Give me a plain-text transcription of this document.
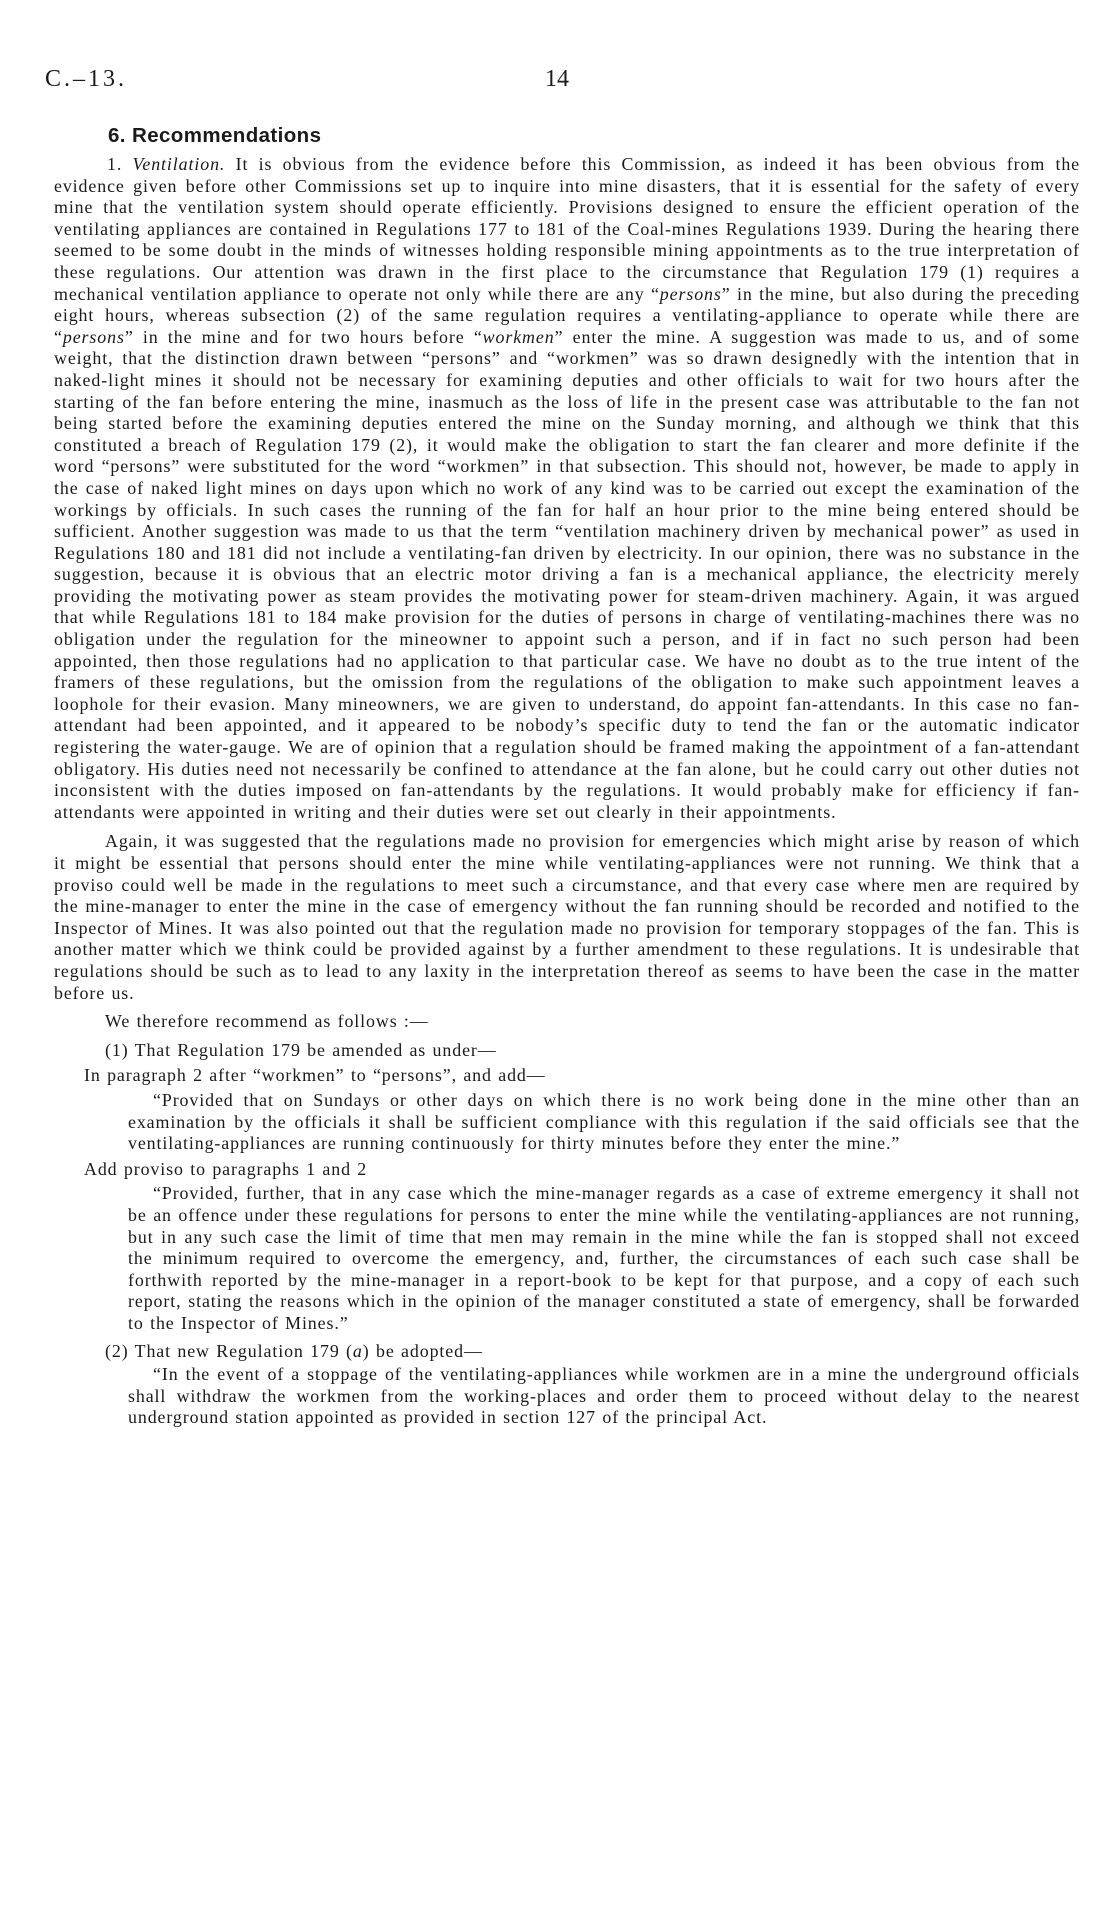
C.–13.	14
6. Recommendations

1. Ventilation. It is obvious from the evidence before this Commission, as indeed it has been obvious from the evidence given before other Commissions set up to inquire into mine disasters, that it is essential for the safety of every mine that the ventilation system should operate efficiently. Provisions designed to ensure the efficient operation of the ventilating appliances are contained in Regulations 177 to 181 of the Coal-mines Regulations 1939. During the hearing there seemed to be some doubt in the minds of witnesses holding responsible mining appointments as to the true interpretation of these regulations. Our attention was drawn in the first place to the circumstance that Regulation 179 (1) requires a mechanical ventilation appliance to operate not only while there are any “persons” in the mine, but also during the preceding eight hours, whereas subsection (2) of the same regulation requires a ventilating-appliance to operate while there are “persons” in the mine and for two hours before “workmen” enter the mine. A suggestion was made to us, and of some weight, that the distinction drawn between “persons” and “workmen” was so drawn designedly with the intention that in naked-light mines it should not be necessary for examining deputies and other officials to wait for two hours after the starting of the fan before entering the mine, inasmuch as the loss of life in the present case was attributable to the fan not being started before the examining deputies entered the mine on the Sunday morning, and although we think that this constituted a breach of Regulation 179 (2), it would make the obligation to start the fan clearer and more definite if the word “persons” were substituted for the word “workmen” in that subsection. This should not, however, be made to apply in the case of naked light mines on days upon which no work of any kind was to be carried out except the examination of the workings by officials. In such cases the running of the fan for half an hour prior to the mine being entered should be sufficient. Another suggestion was made to us that the term “ventilation machinery driven by mechanical power” as used in Regulations 180 and 181 did not include a ventilating-fan driven by electricity. In our opinion, there was no substance in the suggestion, because it is obvious that an electric motor driving a fan is a mechanical appliance, the electricity merely providing the motivating power as steam provides the motivating power for steam-driven machinery. Again, it was argued that while Regulations 181 to 184 make provision for the duties of persons in charge of ventilating-machines there was no obligation under the regulation for the mineowner to appoint such a person, and if in fact no such person had been appointed, then those regulations had no application to that particular case. We have no doubt as to the true intent of the framers of these regulations, but the omission from the regulations of the obligation to make such appointment leaves a loophole for their evasion. Many mineowners, we are given to understand, do appoint fan-attendants. In this case no fan-attendant had been appointed, and it appeared to be nobody’s specific duty to tend the fan or the automatic indicator registering the water-gauge. We are of opinion that a regulation should be framed making the appointment of a fan-attendant obligatory. His duties need not necessarily be confined to attendance at the fan alone, but he could carry out other duties not inconsistent with the duties imposed on fan-attendants by the regulations. It would probably make for efficiency if fan-attendants were appointed in writing and their duties were set out clearly in their appointments.

Again, it was suggested that the regulations made no provision for emergencies which might arise by reason of which it might be essential that persons should enter the mine while ventilating-appliances were not running. We think that a proviso could well be made in the regulations to meet such a circumstance, and that every case where men are required by the mine-manager to enter the mine in the case of emergency without the fan running should be recorded and notified to the Inspector of Mines. It was also pointed out that the regulation made no provision for temporary stoppages of the fan. This is another matter which we think could be provided against by a further amendment to these regulations. It is undesirable that regulations should be such as to lead to any laxity in the interpretation thereof as seems to have been the case in the matter before us.

We therefore recommend as follows :—

(1) That Regulation 179 be amended as under—

In paragraph 2 after “workmen” to “persons”, and add—

“Provided that on Sundays or other days on which there is no work being done in the mine other than an examination by the officials it shall be sufficient compliance with this regulation if the said officials see that the ventilating-appliances are running continuously for thirty minutes before they enter the mine.”

Add proviso to paragraphs 1 and 2

“Provided, further, that in any case which the mine-manager regards as a case of extreme emergency it shall not be an offence under these regulations for persons to enter the mine while the ventilating-appliances are not running, but in any such case the limit of time that men may remain in the mine while the fan is stopped shall not exceed the minimum required to overcome the emergency, and, further, the circumstances of each such case shall be forthwith reported by the mine-manager in a report-book to be kept for that purpose, and a copy of each such report, stating the reasons which in the opinion of the manager constituted a state of emergency, shall be forwarded to the Inspector of Mines.”

(2) That new Regulation 179 (a) be adopted—

“In the event of a stoppage of the ventilating-appliances while workmen are in a mine the underground officials shall withdraw the workmen from the working-places and order them to proceed without delay to the nearest underground station appointed as provided in section 127 of the principal Act.
